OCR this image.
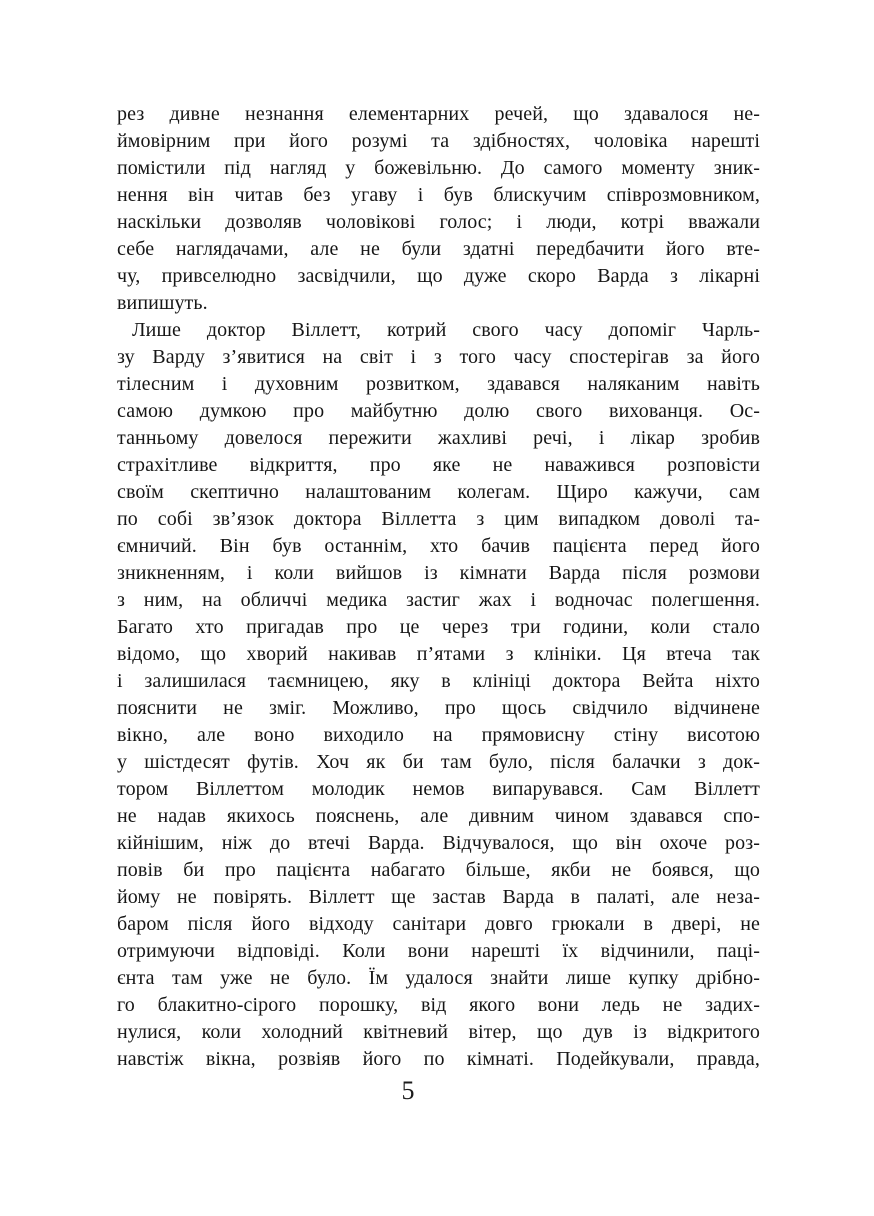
рез дивне незнання елементарних речей, що здавалося не-
ймовірним при його розумі та здібностях, чоловіка нарешті
помістили під нагляд у божевільню. До самого моменту зник-
нення він читав без угаву і був блискучим співрозмовником,
наскільки дозволяв чоловікові голос; і люди, котрі вважали
себе наглядачами, але не були здатні передбачити його вте-
чу, привселюдно засвідчили, що дуже скоро Варда з лікарні
випишуть.

Лише доктор Віллетт, котрий свого часу допоміг Чарль-
зу Варду з’явитися на світ і з того часу спостерігав за його
тілесним і духовним розвитком, здавався наляканим навіть
самою думкою про майбутню долю свого вихованця. Ос-
танньому довелося пережити жахливі речі, і лікар зробив
страхітливе відкриття, про яке не наважився розповісти
своїм скептично налаштованим колегам. Щиро кажучи, сам
по собі зв’язок доктора Віллетта з цим випадком доволі та-
ємничий. Він був останнім, хто бачив пацієнта перед його
зникненням, і коли вийшов із кімнати Варда після розмови
з ним, на обличчі медика застиг жах і водночас полегшення.
Багато хто пригадав про це через три години, коли стало
відомо, що хворий накивав п’ятами з клініки. Ця втеча так
і залишилася таємницею, яку в клініці доктора Вейта ніхто
пояснити не зміг. Можливо, про щось свідчило відчинене
вікно, але воно виходило на прямовисну стіну висотою
у шістдесят футів. Хоч як би там було, після балачки з док-
тором Віллеттом молодик немов випарувався. Сам Віллетт
не надав якихось пояснень, але дивним чином здавався спо-
кійнішим, ніж до втечі Варда. Відчувалося, що він охоче роз-
повів би про пацієнта набагато більше, якби не боявся, що
йому не повірять. Віллетт ще застав Варда в палаті, але неза-
баром після його відходу санітари довго грюкали в двері, не
отримуючи відповіді. Коли вони нарешті їх відчинили, паці-
єнта там уже не було. Їм удалося знайти лише купку дрібно-
го блакитно-сірого порошку, від якого вони ледь не задих-
нулися, коли холодний квітневий вітер, що дув із відкритого
навстіж вікна, розвіяв його по кімнаті. Подейкували, правда,

5
